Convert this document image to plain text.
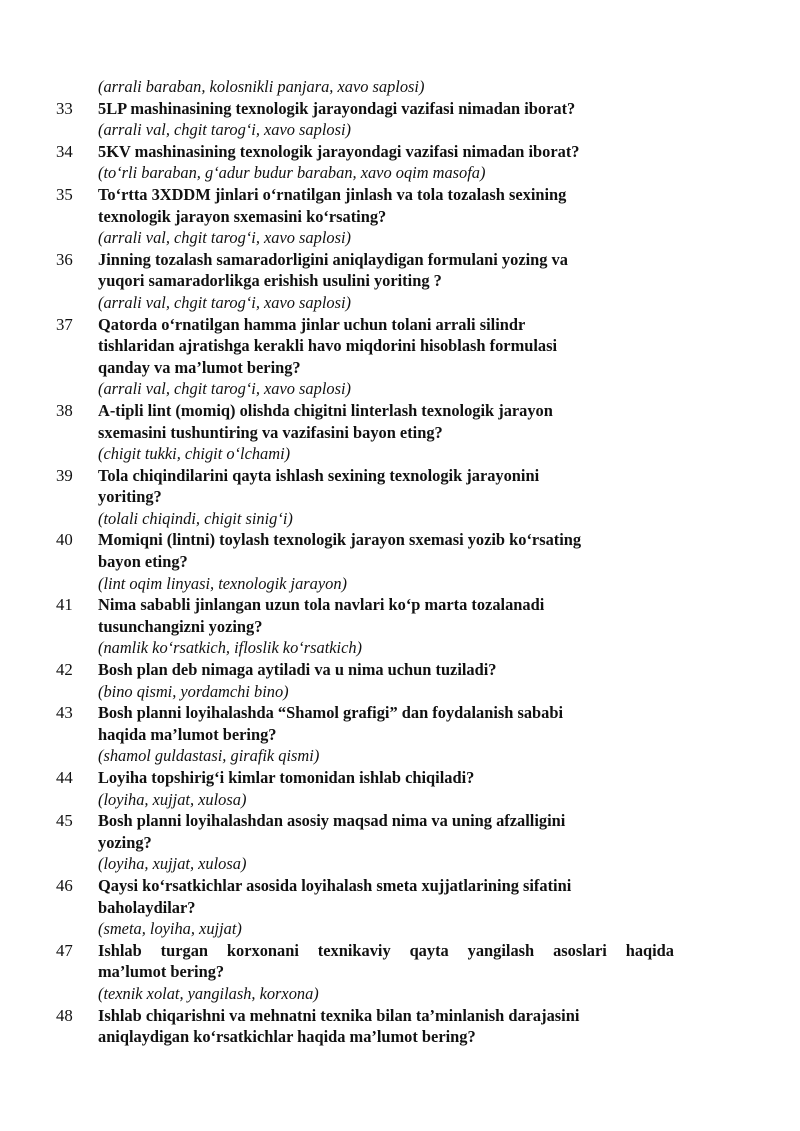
(arrali baraban, kolosnikli panjara, xavo saplosi)
33	5LP mashinasining texnologik jarayondagi vazifasi nimadan iborat?
(arrali val, chgit tarog‘i, xavo saplosi)
34	5KV mashinasining texnologik jarayondagi vazifasi nimadan iborat?
(to‘rli baraban, g‘adur budur baraban, xavo oqim masofa)
35	To‘rtta 3XDDM jinlari o‘rnatilgan jinlash va tola tozalash sexining
texnologik jarayon sxemasini ko‘rsating?
(arrali val, chgit tarog‘i, xavo saplosi)
36	Jinning tozalash samaradorligini aniqlaydigan formulani yozing va
yuqori samaradorlikga erishish usulini yoriting ?
(arrali val, chgit tarog‘i, xavo saplosi)
37	Qatorda o‘rnatilgan hamma jinlar uchun tolani arrali silindr
tishlaridan ajratishga kerakli havo miqdorini hisoblash formulasi
qanday va ma’lumot bering?
(arrali val, chgit tarog‘i, xavo saplosi)
38	A-tipli lint (momiq) olishda chigitni linterlash texnologik jarayon
sxemasini tushuntiring va vazifasini bayon eting?
(chigit tukki, chigit o‘lchami)
39	Tola chiqindilarini qayta ishlash sexining texnologik jarayonini
yoriting?
(tolali chiqindi, chigit sinig‘i)
40	Momiqni (lintni) toylash texnologik jarayon sxemasi yozib ko‘rsating
bayon eting?
(lint oqim linyasi, texnologik jarayon)
41	Nima sababli jinlangan uzun tola navlari ko‘p marta tozalanadi
tusunchangizni yozing?
(namlik ko‘rsatkich, ifloslik ko‘rsatkich)
42	Bosh plan deb nimaga aytiladi va u nima uchun tuziladi?
(bino qismi, yordamchi bino)
43	Bosh planni loyihalashda “Shamol grafigi” dan foydalanish sababi
haqida ma’lumot bering?
(shamol guldastasi, girafik qismi)
44	Loyiha topshirig‘i kimlar tomonidan ishlab chiqiladi?
(loyiha, xujjat, xulosa)
45	Bosh planni loyihalashdan asosiy maqsad nima va uning afzalligini
yozing?
(loyiha, xujjat, xulosa)
46	Qaysi ko‘rsatkichlar asosida loyihalash smeta xujjatlarining sifatini
baholaydilar?
(smeta, loyiha, xujjat)
47	Ishlab turgan korxonani texnikaviy qayta yangilash asoslari haqida
ma’lumot bering?
(texnik xolat, yangilash, korxona)
48	Ishlab chiqarishni va mehnatni texnika bilan ta’minlanish darajasini
aniqlaydigan ko‘rsatkichlar haqida ma’lumot bering?
